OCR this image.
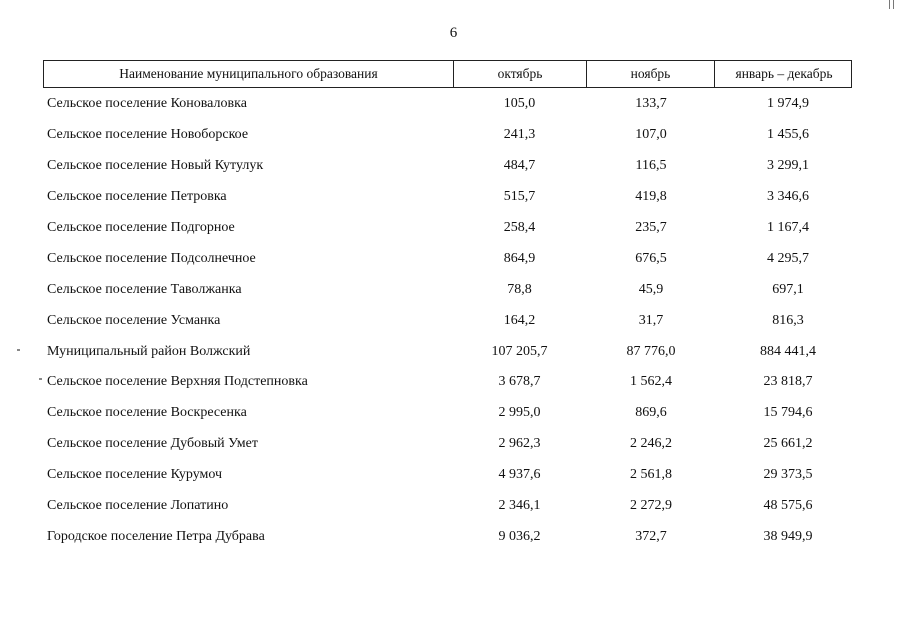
6
Наименование муниципального образования	октябрь	ноябрь	январь – декабрь
Сельское поселение Коноваловка	105,0	133,7	1 974,9
Сельское поселение Новоборское	241,3	107,0	1 455,6
Сельское поселение Новый Кутулук	484,7	116,5	3 299,1
Сельское поселение Петровка	515,7	419,8	3 346,6
Сельское поселение Подгорное	258,4	235,7	1 167,4
Сельское поселение Подсолнечное	864,9	676,5	4 295,7
Сельское поселение Таволжанка	78,8	45,9	697,1
Сельское поселение Усманка	164,2	31,7	816,3
Муниципальный район Волжский	107 205,7	87 776,0	884 441,4
Сельское поселение Верхняя Подстепновка	3 678,7	1 562,4	23 818,7
Сельское поселение Воскресенка	2 995,0	869,6	15 794,6
Сельское поселение Дубовый Умет	2 962,3	2 246,2	25 661,2
Сельское поселение Курумоч	4 937,6	2 561,8	29 373,5
Сельское поселение Лопатино	2 346,1	2 272,9	48 575,6
Городское поселение Петра Дубрава	9 036,2	372,7	38 949,9
